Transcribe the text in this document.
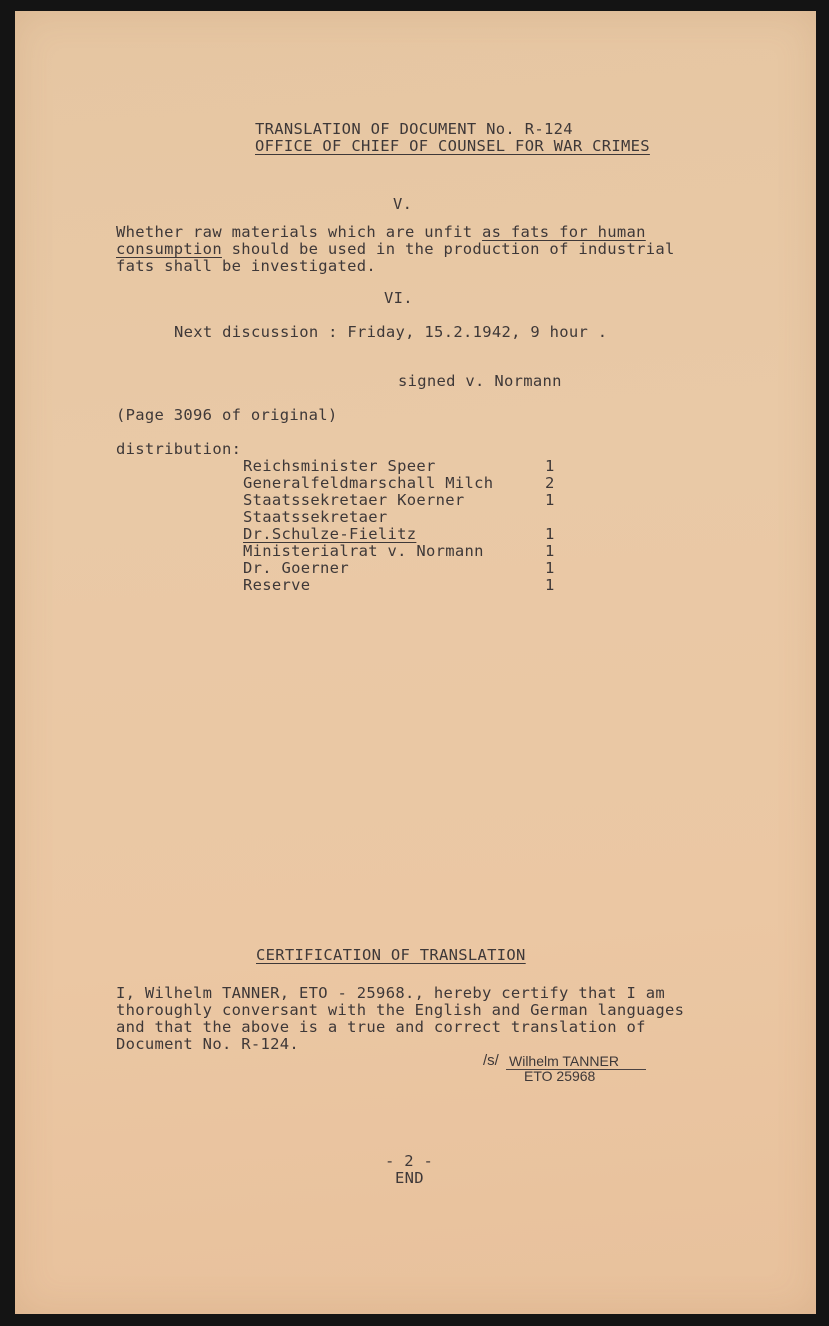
TRANSLATION OF DOCUMENT No. R-124
OFFICE OF CHIEF OF COUNSEL FOR WAR CRIMES
V.
Whether raw materials which are unfit as fats for human
consumption should be used in the production of industrial
fats shall be investigated.
VI.
Next discussion : Friday, 15.2.1942, 9 hour .
signed v. Normann
(Page 3096 of original)
distribution:
Reichsminister Speer	1
Generalfeldmarschall Milch	2
Staatssekretaer Koerner	1
Staatssekretaer
Dr.Schulze-Fielitz	1
Ministerialrat v. Normann	1
Dr. Goerner	1
Reserve	1
CERTIFICATION OF TRANSLATION
I, Wilhelm TANNER, ETO - 25968., hereby certify that I am
thoroughly conversant with the English and German languages
and that the above is a true and correct translation of
Document No. R-124.
/s/ Wilhelm TANNER
ETO 25968
- 2 -
END
